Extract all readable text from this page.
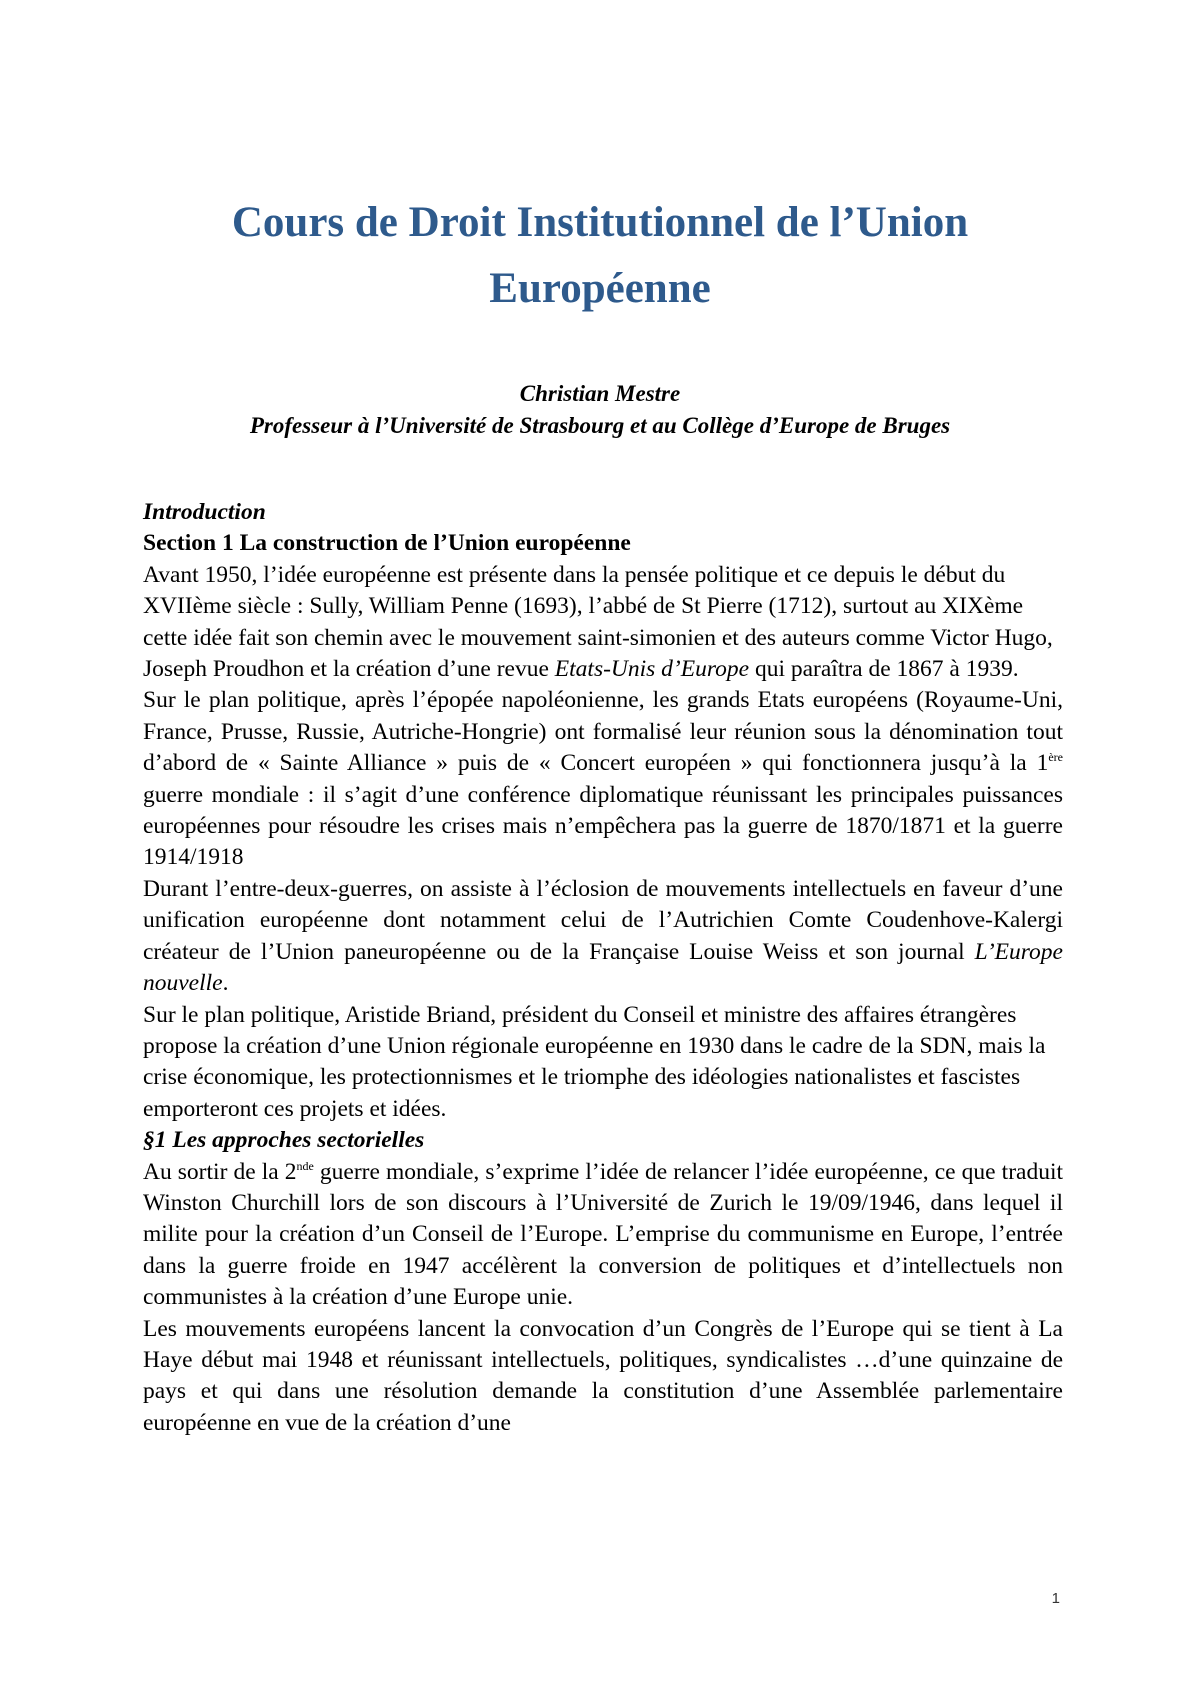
Cours de Droit Institutionnel de l’Union
Européenne
Christian Mestre
Professeur à l’Université de Strasbourg et au Collège d’Europe de Bruges

Introduction

Section 1 La construction de l’Union européenne

Avant 1950, l’idée européenne est présente dans la pensée politique et ce depuis le début du XVIIème siècle : Sully, William Penne (1693), l’abbé de St Pierre (1712), surtout au XIXème cette idée fait son chemin avec le mouvement saint-simonien et des auteurs comme Victor Hugo, Joseph Proudhon et la création d’une revue Etats-Unis d’Europe qui paraîtra de 1867 à 1939.

Sur le plan politique, après l’épopée napoléonienne, les grands Etats européens (Royaume-Uni, France, Prusse, Russie, Autriche-Hongrie) ont formalisé leur réunion sous la dénomination tout d’abord de « Sainte Alliance » puis de « Concert européen » qui fonctionnera jusqu’à la 1ère guerre mondiale : il s’agit d’une conférence diplomatique réunissant les principales puissances européennes pour résoudre les crises mais n’empêchera pas la guerre de 1870/1871 et la guerre 1914/1918

Durant l’entre-deux-guerres, on assiste à l’éclosion de mouvements intellectuels en faveur d’une unification européenne dont notamment celui de l’Autrichien Comte Coudenhove-Kalergi créateur de l’Union paneuropéenne ou de la Française Louise Weiss et son journal L’Europe nouvelle.

Sur le plan politique, Aristide Briand, président du Conseil et ministre des affaires étrangères propose la création d’une Union régionale européenne en 1930 dans le cadre de la SDN, mais la crise économique, les protectionnismes et le triomphe des idéologies nationalistes et fascistes emporteront ces projets et idées.

§1 Les approches sectorielles

Au sortir de la 2nde guerre mondiale, s’exprime l’idée de relancer l’idée européenne, ce que traduit Winston Churchill lors de son discours à l’Université de Zurich le 19/09/1946, dans lequel il milite pour la création d’un Conseil de l’Europe. L’emprise du communisme en Europe, l’entrée dans la guerre froide en 1947 accélèrent la conversion de politiques et d’intellectuels non communistes à la création d’une Europe unie.

Les mouvements européens lancent la convocation d’un Congrès de l’Europe qui se tient à La Haye début mai 1948 et réunissant intellectuels, politiques, syndicalistes …d’une quinzaine de pays et qui dans une résolution demande la constitution d’une Assemblée parlementaire européenne en vue de la création d’une

1
